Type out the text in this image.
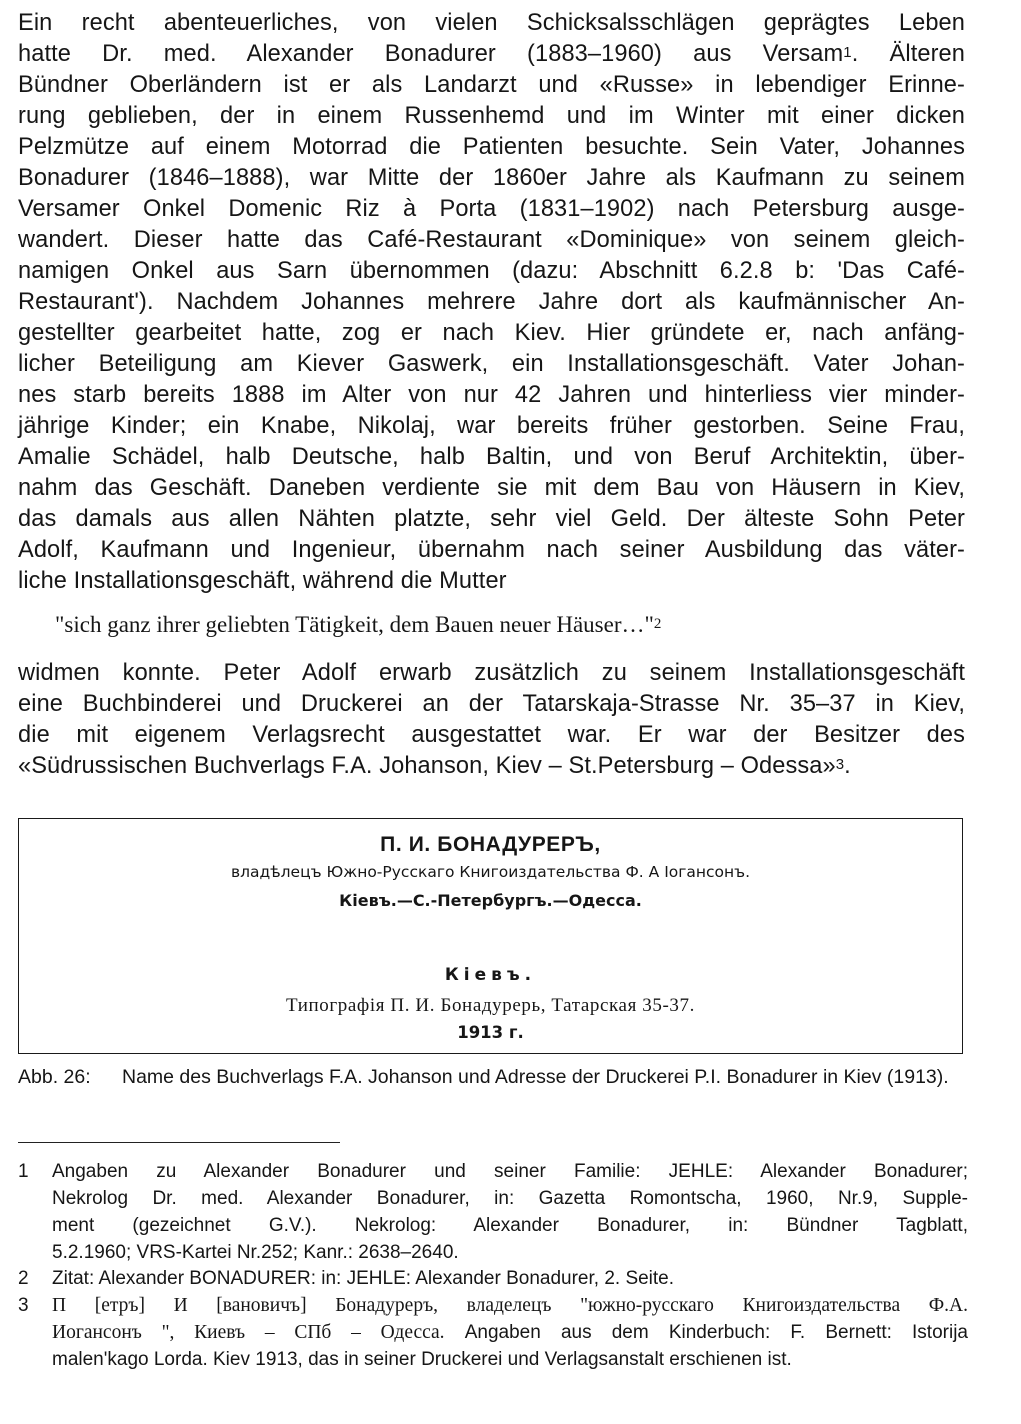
Ein recht abenteuerliches, von vielen Schicksalsschlägen geprägtes Leben
hatte Dr. med. Alexander Bonadurer (1883–1960) aus Versam$^1$. Älteren
Bündner Oberländern ist er als Landarzt und «Russe» in lebendiger Erinne-
rung geblieben, der in einem Russenhemd und im Winter mit einer dicken
Pelzmütze auf einem Motorrad die Patienten besuchte. Sein Vater, Johannes
Bonadurer (1846–1888), war Mitte der 1860er Jahre als Kaufmann zu seinem
Versamer Onkel Domenic Riz à Porta (1831–1902) nach Petersburg ausge-
wandert. Dieser hatte das Café-Restaurant «Dominique» von seinem gleich-
namigen Onkel aus Sarn übernommen (dazu: Abschnitt 6.2.8 b: 'Das Café-
Restaurant'). Nachdem Johannes mehrere Jahre dort als kaufmännischer An-
gestellter gearbeitet hatte, zog er nach Kiev. Hier gründete er, nach anfäng-
licher Beteiligung am Kiever Gaswerk, ein Installationsgeschäft. Vater Johan-
nes starb bereits 1888 im Alter von nur 42 Jahren und hinterliess vier minder-
jährige Kinder; ein Knabe, Nikolaj, war bereits früher gestorben. Seine Frau,
Amalie Schädel, halb Deutsche, halb Baltin, und von Beruf Architektin, über-
nahm das Geschäft. Daneben verdiente sie mit dem Bau von Häusern in Kiev,
das damals aus allen Nähten platzte, sehr viel Geld. Der älteste Sohn Peter
Adolf, Kaufmann und Ingenieur, übernahm nach seiner Ausbildung das väter-
liche Installationsgeschäft, während die Mutter
"sich ganz ihrer geliebten Tätigkeit, dem Bauen neuer Häuser…"$^2$
widmen konnte. Peter Adolf erwarb zusätzlich zu seinem Installationsgeschäft
eine Buchbinderei und Druckerei an der Tatarskaja-Strasse Nr. 35–37 in Kiev,
die mit eigenem Verlagsrecht ausgestattet war. Er war der Besitzer des
«Südrussischen Buchverlags F.A. Johanson, Kiev – St.Petersburg – Odessa»$^3$.
П. И. БОНАДУРЕРЪ,
владѣлецъ Южно-Русскаго Книгоиздательства Ф. А Іогансонъ.
Кіевъ.—С.-Петербургъ.—Одесса.
Кіевъ.
Типографія П. И. Бонадурерь, Татарская 35-37.
1913 г.
Abb. 26: Name des Buchverlags F.A. Johanson und Adresse der Druckerei P.I. Bonadurer in Kiev (1913).
1 Angaben zu Alexander Bonadurer und seiner Familie: JEHLE: Alexander Bonadurer;
Nekrolog Dr. med. Alexander Bonadurer, in: Gazetta Romontscha, 1960, Nr.9, Supple-
ment (gezeichnet G.V.). Nekrolog: Alexander Bonadurer, in: Bündner Tagblatt,
5.2.1960; VRS-Kartei Nr.252; Kanr.: 2638–2640.
2 Zitat: Alexander BONADURER: in: JEHLE: Alexander Bonadurer, 2. Seite.
3 П [етръ] И [вановичъ] Бонадуреръ, владелецъ "южно-русскаго Книгоиздательства Ф.А.
Иогансонъ ", Киевъ – СПб – Одесса. Angaben aus dem Kinderbuch: F. Bernett: Istorija
malen'kago Lorda. Kiev 1913, das in seiner Druckerei und Verlagsanstalt erschienen ist.
